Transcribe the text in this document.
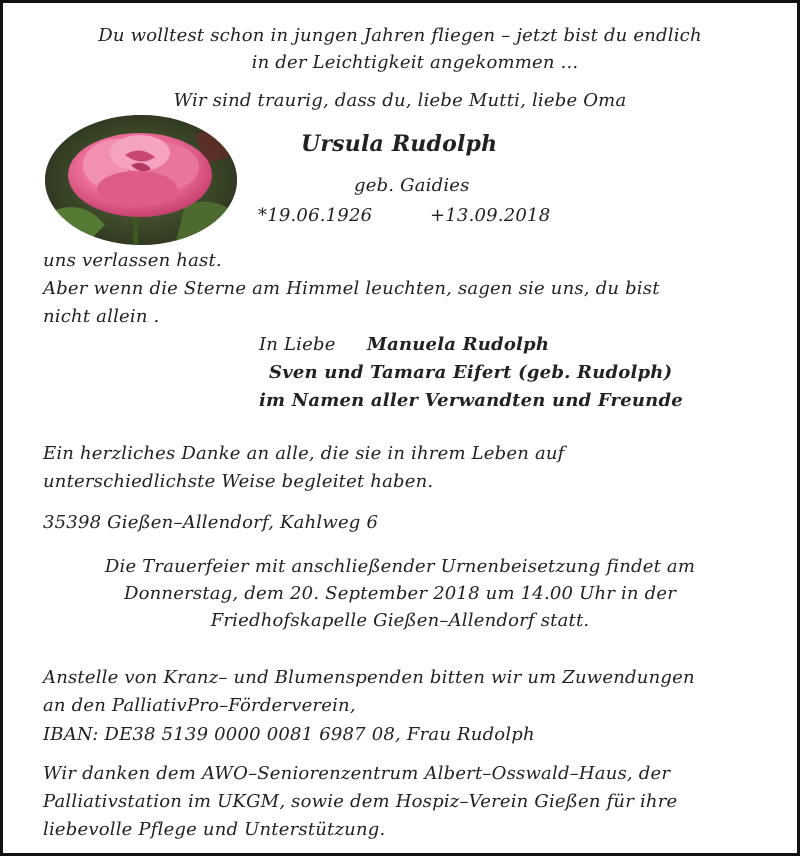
Du wolltest schon in jungen Jahren fliegen – jetzt bist du endlich
in der Leichtigkeit angekommen ...
Wir sind traurig, dass du, liebe Mutti, liebe Oma
Ursula Rudolph
geb. Gaidies
*19.06.1926	+13.09.2018
uns verlassen hast.
Aber wenn die Sterne am Himmel leuchten, sagen sie uns, du bist
nicht allein .
In Liebe Manuela Rudolph
Sven und Tamara Eifert (geb. Rudolph)
im Namen aller Verwandten und Freunde
Ein herzliches Danke an alle, die sie in ihrem Leben auf
unterschiedlichste Weise begleitet haben.
35398 Gießen–Allendorf, Kahlweg 6
Die Trauerfeier mit anschließender Urnenbeisetzung findet am
Donnerstag, dem 20. September 2018 um 14.00 Uhr in der
Friedhofskapelle Gießen–Allendorf statt.
Anstelle von Kranz– und Blumenspenden bitten wir um Zuwendungen
an den PalliativPro–Förderverein,
IBAN: DE38 5139 0000 0081 6987 08, Frau Rudolph
Wir danken dem AWO–Seniorenzentrum Albert–Osswald–Haus, der
Palliativstation im UKGM, sowie dem Hospiz–Verein Gießen für ihre
liebevolle Pflege und Unterstützung.
